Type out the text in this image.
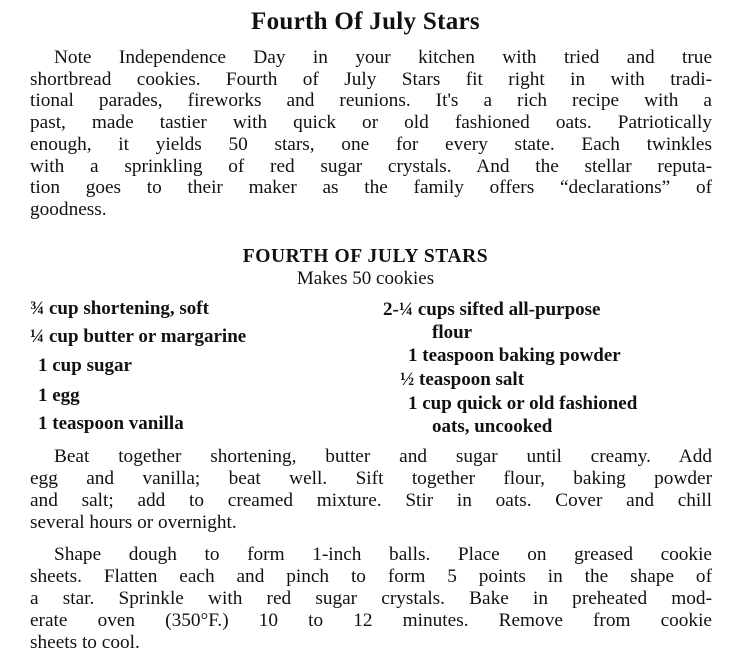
Fourth Of July Stars
Note Independence Day in your kitchen with tried and true
shortbread cookies. Fourth of July Stars fit right in with tradi-
tional parades, fireworks and reunions. It's a rich recipe with a
past, made tastier with quick or old fashioned oats. Patriotically
enough, it yields 50 stars, one for every state. Each twinkles
with a sprinkling of red sugar crystals. And the stellar reputa-
tion goes to their maker as the family offers “declarations” of
goodness.
FOURTH OF JULY STARS
Makes 50 cookies
¾ cup shortening, soft
¼ cup butter or margarine
1 cup sugar
1 egg
1 teaspoon vanilla
2-¼ cups sifted all-purpose
flour
1 teaspoon baking powder
½ teaspoon salt
1 cup quick or old fashioned
oats, uncooked
Beat together shortening, butter and sugar until creamy. Add
egg and vanilla; beat well. Sift together flour, baking powder
and salt; add to creamed mixture. Stir in oats. Cover and chill
several hours or overnight.
Shape dough to form 1-inch balls. Place on greased cookie
sheets. Flatten each and pinch to form 5 points in the shape of
a star. Sprinkle with red sugar crystals. Bake in preheated mod-
erate oven (350°F.) 10 to 12 minutes. Remove from cookie
sheets to cool.
